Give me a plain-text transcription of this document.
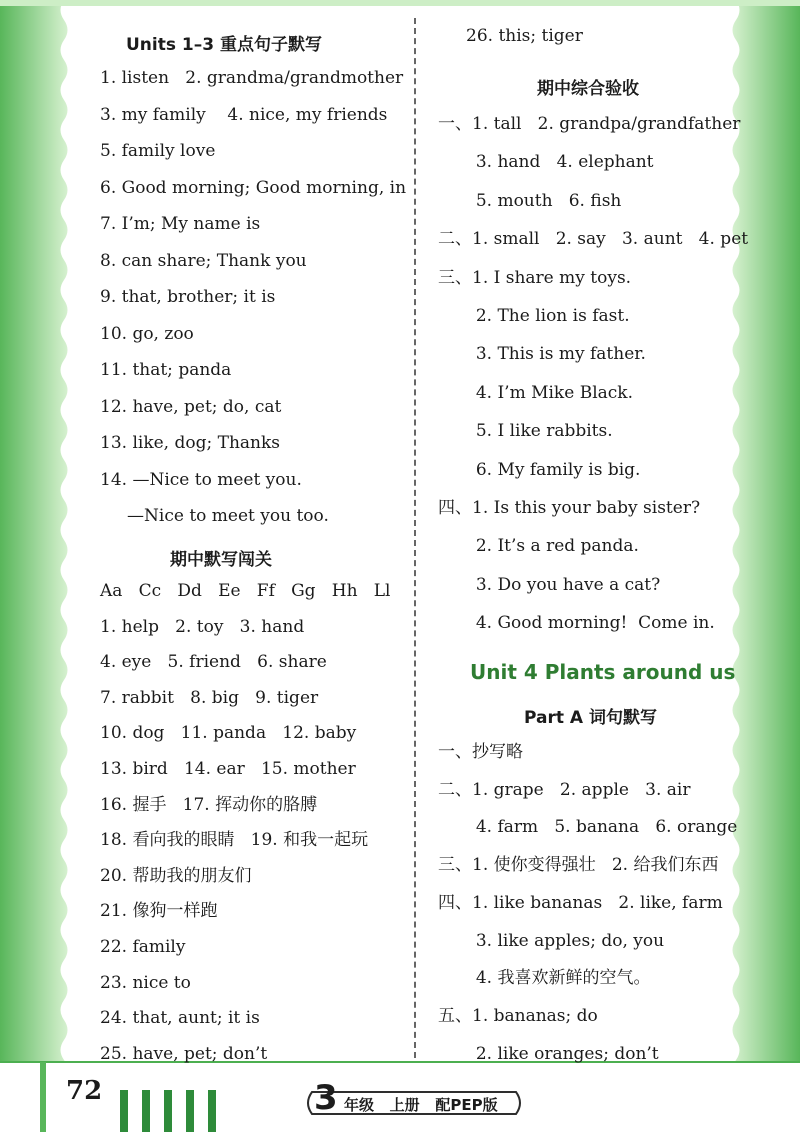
Units 1–3 重点句子默写
1. listen   2. grandma/grandmother
3. my family    4. nice, my friends
5. family love
6. Good morning; Good morning, in
7. I’m; My name is
8. can share; Thank you
9. that, brother; it is
10. go, zoo
11. that; panda
12. have, pet; do, cat
13. like, dog; Thanks
14. —Nice to meet you.
—Nice to meet you too.
期中默写闯关
Aa   Cc   Dd   Ee   Ff   Gg   Hh   Ll
1. help   2. toy   3. hand
4. eye   5. friend   6. share
7. rabbit   8. big   9. tiger
10. dog   11. panda   12. baby
13. bird   14. ear   15. mother
16. 握手   17. 挥动你的胳膊
18. 看向我的眼睛   19. 和我一起玩
20. 帮助我的朋友们
21. 像狗一样跑
22. family
23. nice to
24. that, aunt; it is
25. have, pet; don’t
26. this; tiger
期中综合验收
一、1. tall   2. grandpa/grandfather
3. hand   4. elephant
5. mouth   6. fish
二、1. small   2. say   3. aunt   4. pet
三、1. I share my toys.
2. The lion is fast.
3. This is my father.
4. I’m Mike Black.
5. I like rabbits.
6. My family is big.
四、1. Is this your baby sister?
2. It’s a red panda.
3. Do you have a cat?
4. Good morning!  Come in.
Unit 4 Plants around us
Part A 词句默写
一、抄写略
二、1. grape   2. apple   3. air
4. farm   5. banana   6. orange
三、1. 使你变得强壮   2. 给我们东西
四、1. like bananas   2. like, farm
3. like apples; do, you
4. 我喜欢新鲜的空气。
五、1. bananas; do
2. like oranges; don’t
72	3 年级   上册   配PEP版
